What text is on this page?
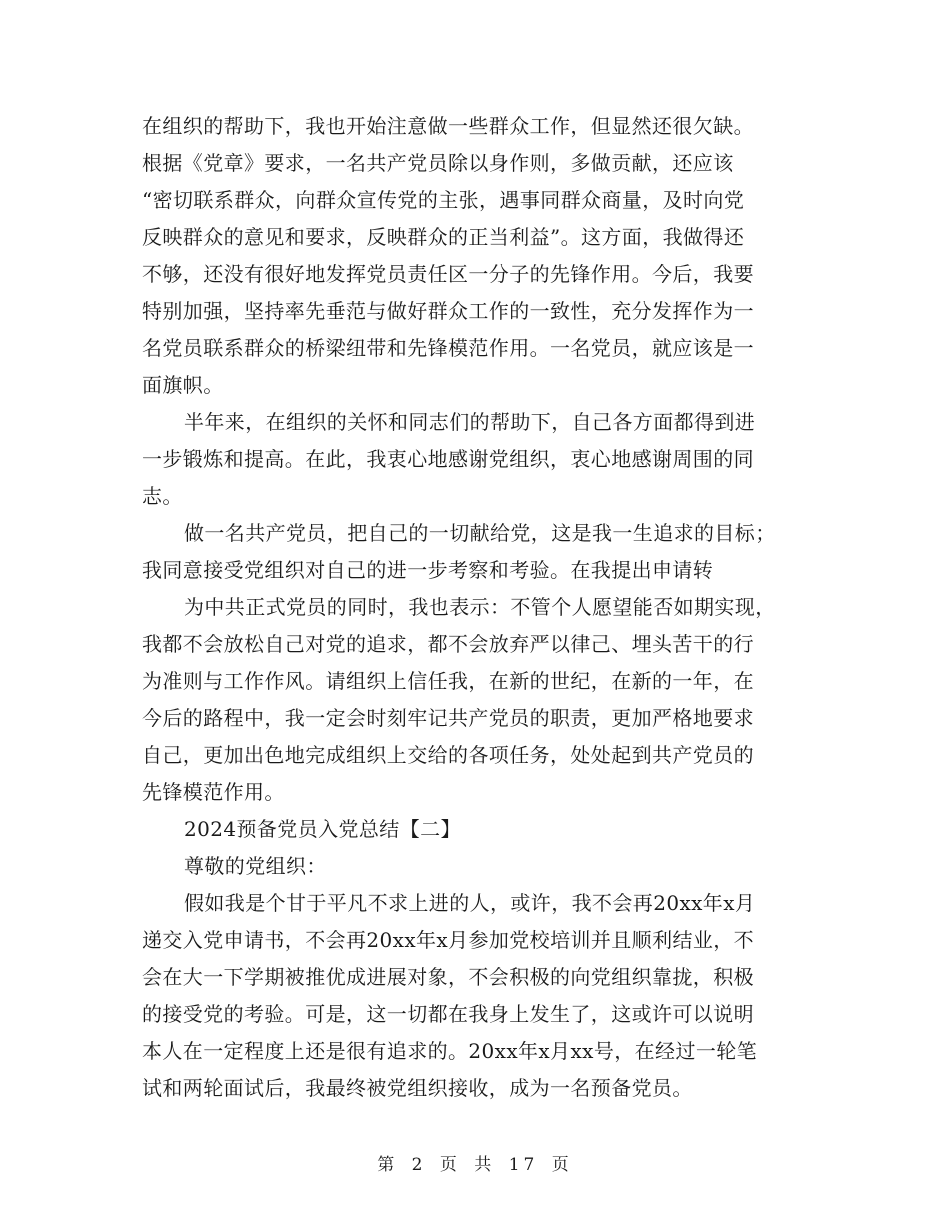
在组织的帮助下，我也开始注意做一些群众工作，但显然还很欠缺。
根据《党章》要求，一名共产党员除以身作则，多做贡献，还应该
“密切联系群众，向群众宣传党的主张，遇事同群众商量，及时向党
反映群众的意见和要求，反映群众的正当利益”。这方面，我做得还
不够，还没有很好地发挥党员责任区一分子的先锋作用。今后，我要
特别加强，坚持率先垂范与做好群众工作的一致性，充分发挥作为一
名党员联系群众的桥梁纽带和先锋模范作用。一名党员，就应该是一
面旗帜。
半年来，在组织的关怀和同志们的帮助下，自己各方面都得到进
一步锻炼和提高。在此，我衷心地感谢党组织，衷心地感谢周围的同
志。
做一名共产党员，把自己的一切献给党，这是我一生追求的目标；
我同意接受党组织对自己的进一步考察和考验。在我提出申请转
为中共正式党员的同时，我也表示：不管个人愿望能否如期实现，
我都不会放松自己对党的追求，都不会放弃严以律己、埋头苦干的行
为准则与工作作风。请组织上信任我，在新的世纪，在新的一年，在
今后的路程中，我一定会时刻牢记共产党员的职责，更加严格地要求
自己，更加出色地完成组织上交给的各项任务，处处起到共产党员的
先锋模范作用。
2024预备党员入党总结【二】
尊敬的党组织：
假如我是个甘于平凡不求上进的人，或许，我不会再20xx年x月
递交入党申请书，不会再20xx年x月参加党校培训并且顺利结业，不
会在大一下学期被推优成进展对象，不会积极的向党组织靠拢，积极
的接受党的考验。可是，这一切都在我身上发生了，这或许可以说明
本人在一定程度上还是很有追求的。20xx年x月xx号，在经过一轮笔
试和两轮面试后，我最终被党组织接收，成为一名预备党员。
第 2 页 共 17 页
